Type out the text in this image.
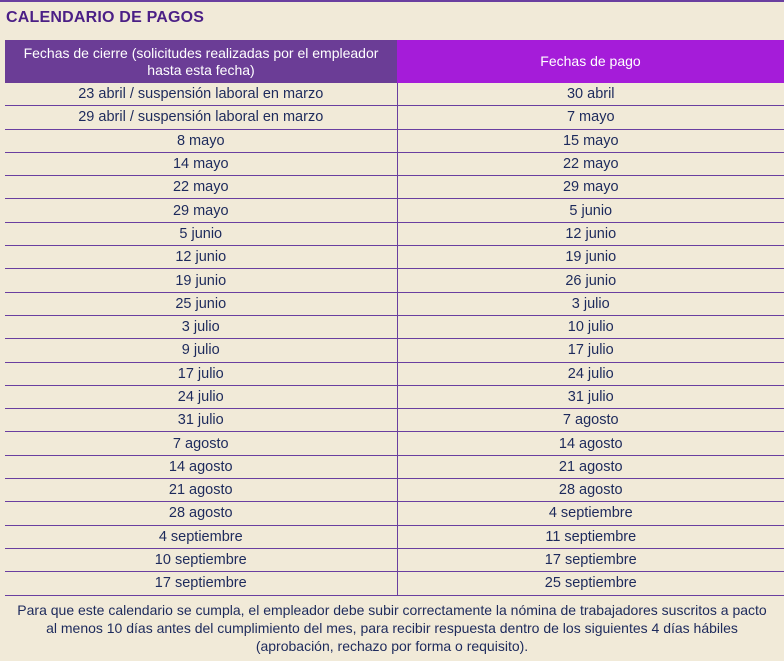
CALENDARIO DE PAGOS
Fechas de cierre (solicitudes realizadas por el empleador hasta esta fecha)	Fechas de pago
23 abril / suspensión laboral en marzo	30 abril
29 abril / suspensión laboral en marzo	7 mayo
8 mayo	15 mayo
14 mayo	22 mayo
22 mayo	29 mayo
29 mayo	5 junio
5 junio	12 junio
12 junio	19 junio
19 junio	26 junio
25 junio	3 julio
3 julio	10 julio
9 julio	17 julio
17 julio	24 julio
24 julio	31 julio
31 julio	7 agosto
7 agosto	14 agosto
14 agosto	21 agosto
21 agosto	28 agosto
28 agosto	4 septiembre
4 septiembre	11 septiembre
10 septiembre	17 septiembre
17 septiembre	25 septiembre
Para que este calendario se cumpla, el empleador debe subir correctamente la nómina de trabajadores suscritos a pacto al menos 10 días antes del cumplimiento del mes, para recibir respuesta dentro de los siguientes 4 días hábiles (aprobación, rechazo por forma o requisito).
